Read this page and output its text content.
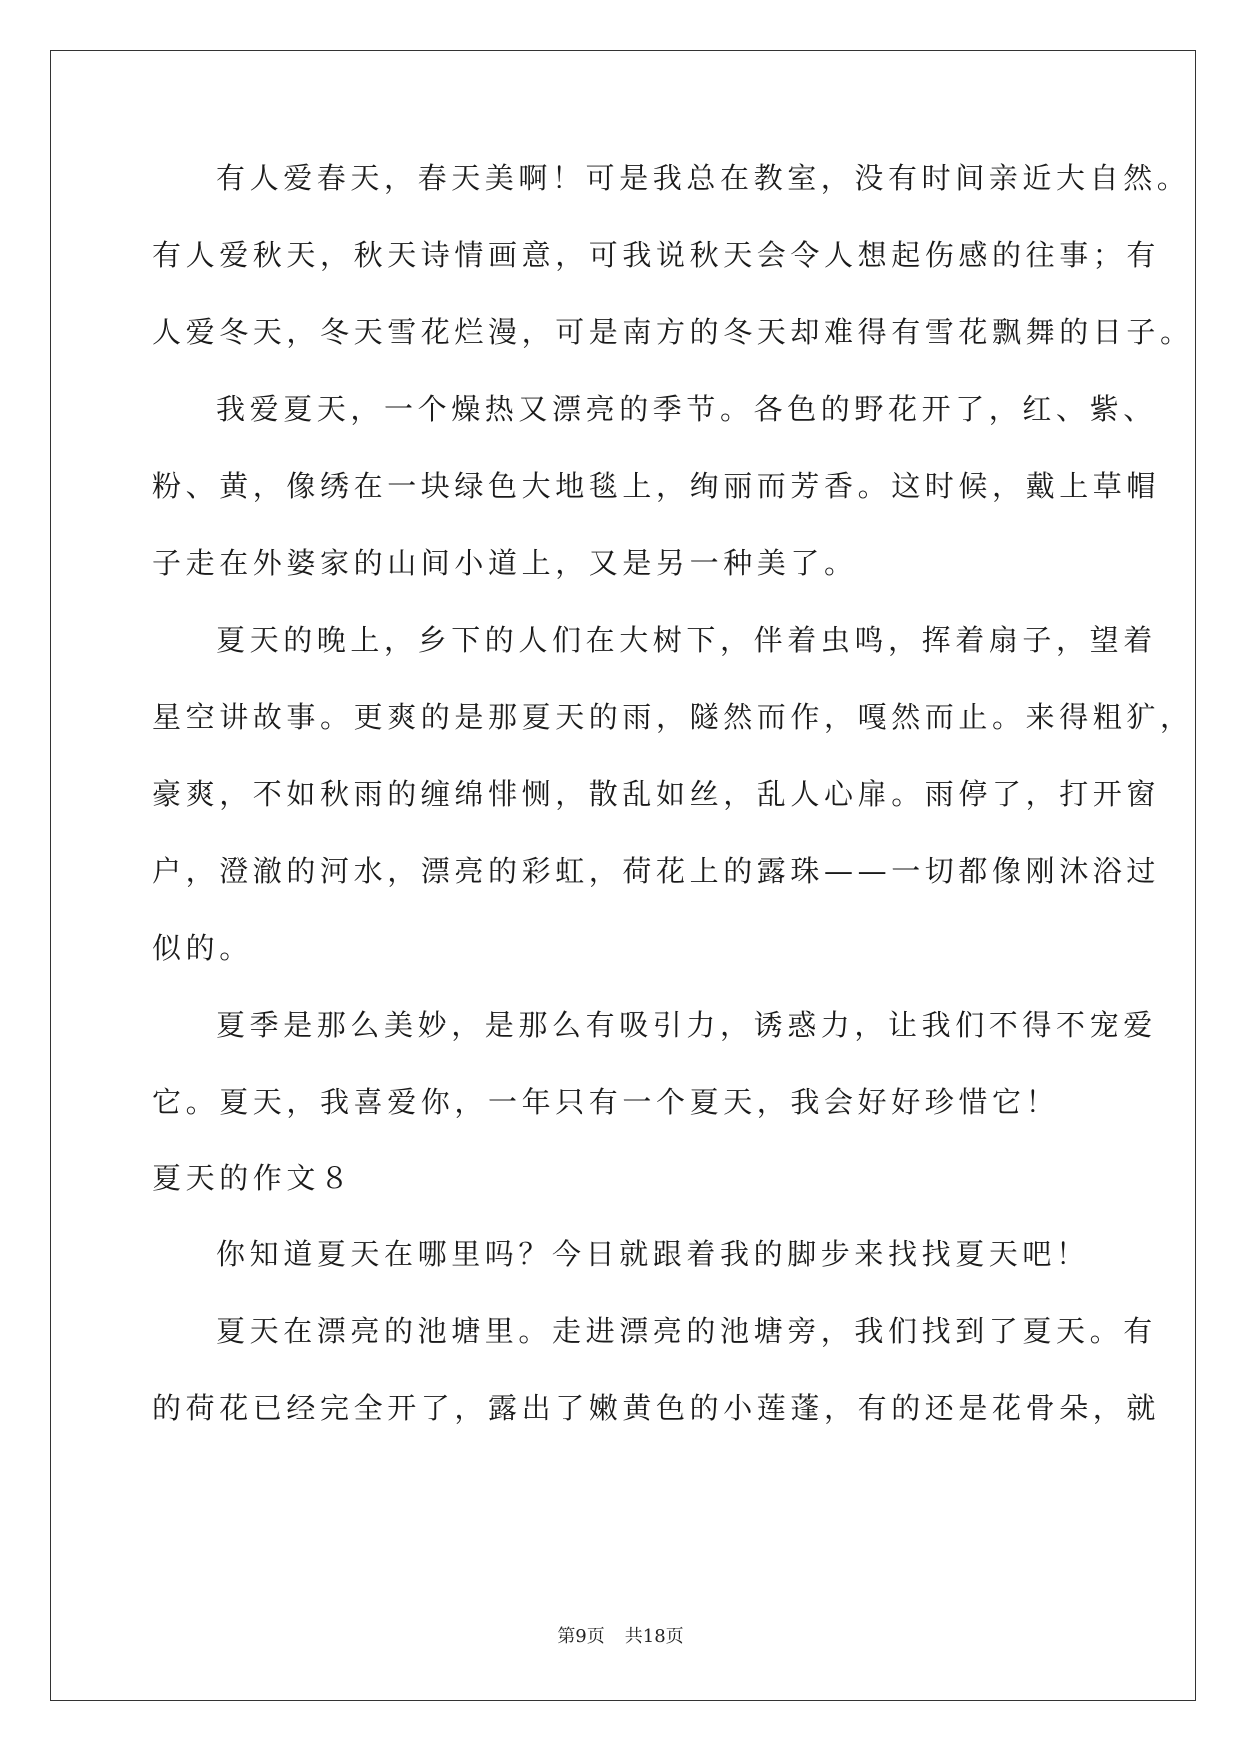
有人爱春天，春天美啊！可是我总在教室，没有时间亲近大自然。
有人爱秋天，秋天诗情画意，可我说秋天会令人想起伤感的往事；有
人爱冬天，冬天雪花烂漫，可是南方的冬天却难得有雪花飘舞的日子。
我爱夏天，一个燥热又漂亮的季节。各色的野花开了，红、紫、
粉、黄，像绣在一块绿色大地毯上，绚丽而芳香。这时候，戴上草帽
子走在外婆家的山间小道上，又是另一种美了。
夏天的晚上，乡下的人们在大树下，伴着虫鸣，挥着扇子，望着
星空讲故事。更爽的是那夏天的雨，隧然而作，嘎然而止。来得粗犷，
豪爽，不如秋雨的缠绵悱恻，散乱如丝，乱人心扉。雨停了，打开窗
户，澄澈的河水，漂亮的彩虹，荷花上的露珠——一切都像刚沐浴过
似的。
夏季是那么美妙，是那么有吸引力，诱惑力，让我们不得不宠爱
它。夏天，我喜爱你，一年只有一个夏天，我会好好珍惜它！
夏天的作文８
你知道夏天在哪里吗？今日就跟着我的脚步来找找夏天吧！
夏天在漂亮的池塘里。走进漂亮的池塘旁，我们找到了夏天。有
的荷花已经完全开了，露出了嫩黄色的小莲蓬，有的还是花骨朵，就
第9页 共18页
